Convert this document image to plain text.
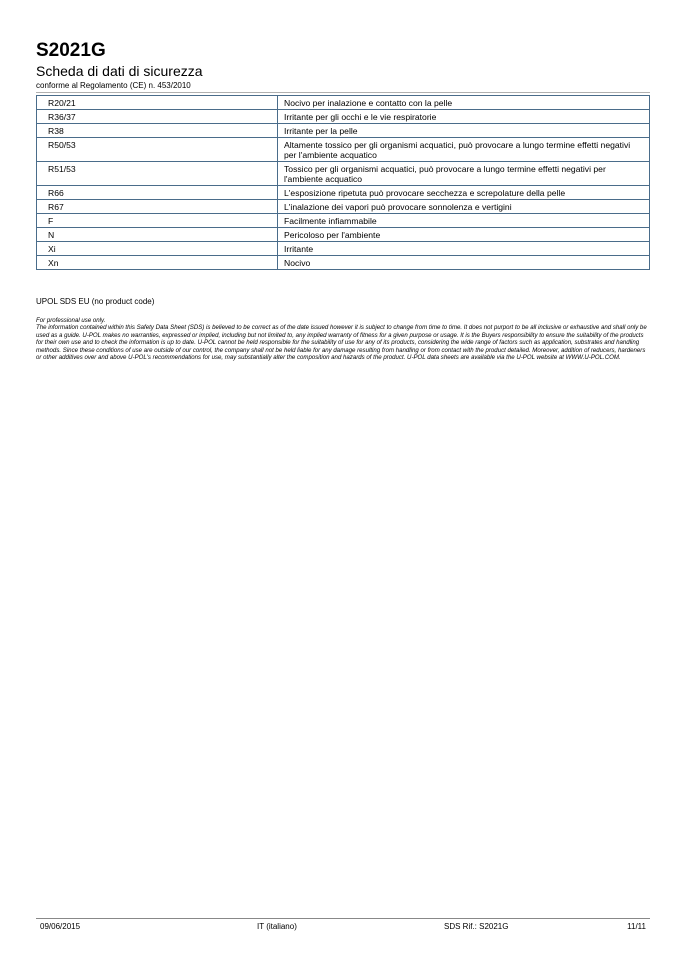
S2021G
Scheda di dati di sicurezza
conforme al Regolamento (CE) n. 453/2010
R20/21	Nocivo per inalazione e contatto con la pelle
R36/37	Irritante per gli occhi e le vie respiratorie
R38	Irritante per la pelle
R50/53	Altamente tossico per gli organismi acquatici, può provocare a lungo termine effetti negativi per l'ambiente acquatico
R51/53	Tossico per gli organismi acquatici, può provocare a lungo termine effetti negativi per l'ambiente acquatico
R66	L'esposizione ripetuta può provocare secchezza e screpolature della pelle
R67	L'inalazione dei vapori può provocare sonnolenza e vertigini
F	Facilmente infiammabile
N	Pericoloso per l'ambiente
Xi	Irritante
Xn	Nocivo
UPOL SDS EU (no product code)

For professional use only.

The information contained within this Safety Data Sheet (SDS) is believed to be correct as of the date issued however it is subject to change from time to time. It does not purport to be all inclusive or exhaustive and shall only be used as a guide. U-POL makes no warranties, expressed or implied, including but not limited to, any implied warranty of fitness for a given purpose or usage. It is the Buyers responsibility to ensure the suitability of the products for their own use and to check the information is up to date. U-POL cannot be held responsible for the suitability of use for any of its products, considering the wide range of factors such as application, substrates and handling methods. Since these conditions of use are outside of our control, the company shall not be held liable for any damage resulting from handling or from contact with the product detailed. Moreover, addition of reducers, hardeners or other additives over and above U-POL's recommendations for use, may substantially alter the composition and hazards of the product. U-POL data sheets are available via the U-POL website at WWW.U-POL.COM.

09/06/2015	IT (italiano)	SDS Rif.: S2021G	11/11
